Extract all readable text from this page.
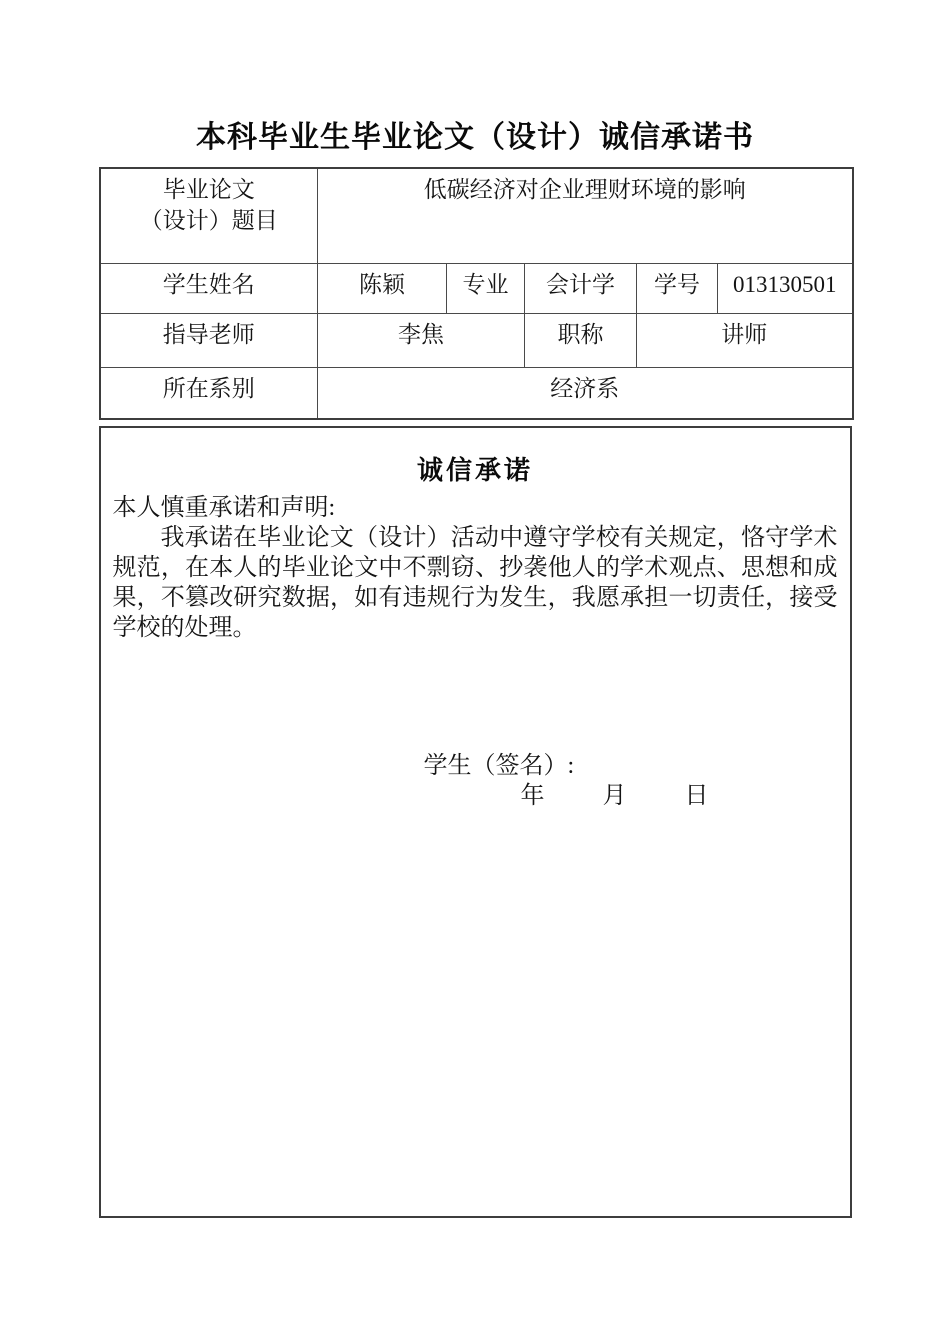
本科毕业生毕业论文（设计）诚信承诺书
毕业论文
（设计）题目	低碳经济对企业理财环境的影响				
学生姓名	陈颖	专业	会计学	学号	013130501
指导老师	李焦		职称	讲师	
所在系别	经济系				
诚信承诺
本人慎重承诺和声明:
我承诺在毕业论文（设计）活动中遵守学校有关规定，恪守学术规范，在本人的毕业论文中不剽窃、抄袭他人的学术观点、思想和成果，不篡改研究数据，如有违规行为发生，我愿承担一切责任，接受学校的处理。
学生（签名）:
年 月 日
